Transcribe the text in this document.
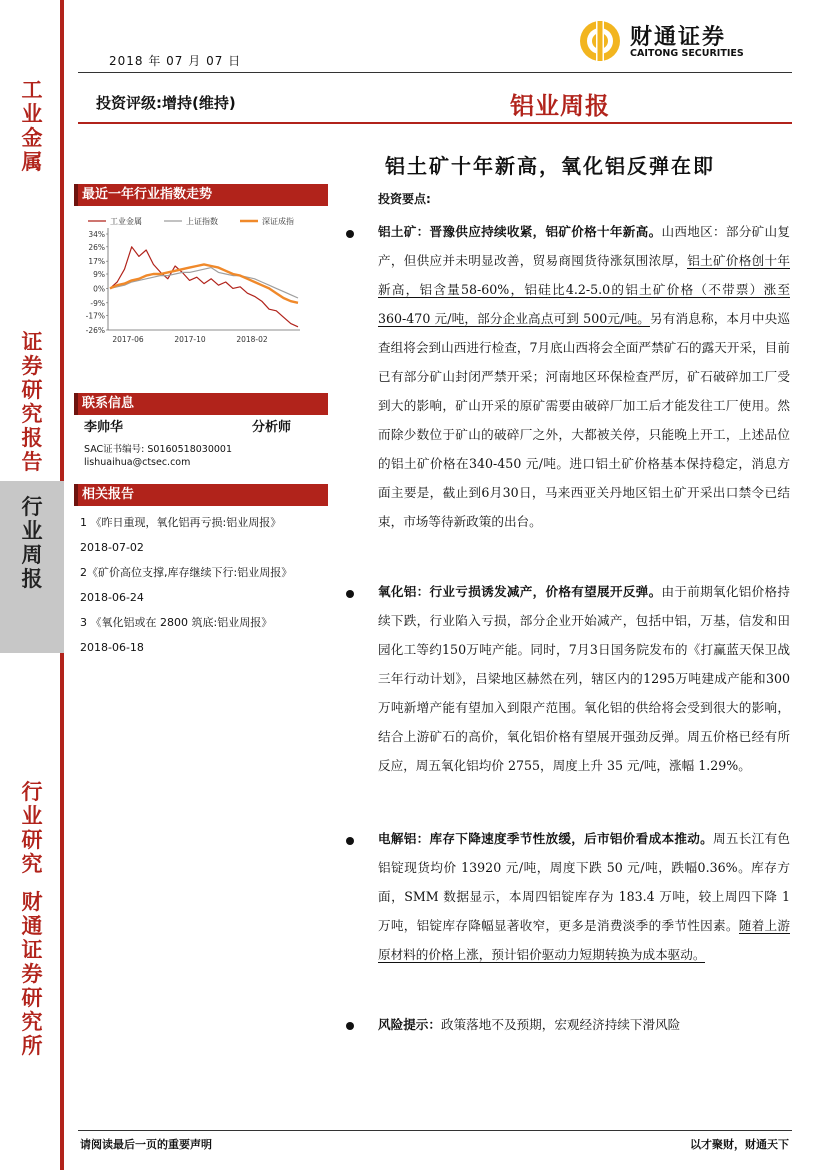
工业金属
证券研究报告
行业周报
行业研究
财通证券研究所
2018 年 07 月 07 日
财通证券
CAITONG SECURITIES
投资评级:增持(维持)	铝业周报
铝土矿十年新高，氧化铝反弹在即
最近一年行业指数走势
工业金属	上证指数	深证成指
34%
26%
17%
9%
0%
-9%
-17%
-26%
2017-06	2017-10	2018-02
联系信息
李帅华	分析师
SAC证书编号: S0160518030001
lishuaihua@ctsec.com
相关报告
1 《昨日重现，氧化铝再亏损:铝业周报》
2018-07-02
2《矿价高位支撑,库存继续下行:铝业周报》
2018-06-24
3 《氧化铝或在 2800 筑底:铝业周报》
2018-06-18
投资要点:
铝土矿：晋豫供应持续收紧，铝矿价格十年新高。山西地区：部分矿山复产，但供应并未明显改善，贸易商囤货待涨氛围浓厚，铝土矿价格创十年新高，铝含量58-60%，铝硅比4.2-5.0的铝土矿价格（不带票）涨至 360-470 元/吨，部分企业高点可到 500元/吨。另有消息称，本月中央巡查组将会到山西进行检查，7月底山西将会全面严禁矿石的露天开采，目前已有部分矿山封闭严禁开采；河南地区环保检查严厉，矿石破碎加工厂受到大的影响，矿山开采的原矿需要由破碎厂加工后才能发往工厂使用。然而除少数位于矿山的破碎厂之外，大都被关停，只能晚上开工，上述品位的铝土矿价格在340-450 元/吨。进口铝土矿价格基本保持稳定，消息方面主要是，截止到6月30日，马来西亚关丹地区铝土矿开采出口禁令已结束，市场等待新政策的出台。
氧化铝：行业亏损诱发减产，价格有望展开反弹。由于前期氧化铝价格持续下跌，行业陷入亏损，部分企业开始减产，包括中铝，万基，信发和田园化工等约150万吨产能。同时，7月3日国务院发布的《打赢蓝天保卫战三年行动计划》，吕梁地区赫然在列，辖区内的1295万吨建成产能和300万吨新增产能有望加入到限产范围。氧化铝的供给将会受到很大的影响，结合上游矿石的高价，氧化铝价格有望展开强劲反弹。周五价格已经有所反应，周五氧化铝均价 2755，周度上升 35 元/吨，涨幅 1.29%。
电解铝：库存下降速度季节性放缓，后市铝价看成本推动。周五长江有色铝锭现货均价 13920 元/吨，周度下跌 50 元/吨，跌幅0.36%。库存方面，SMM 数据显示，本周四铝锭库存为 183.4 万吨，较上周四下降 1 万吨，铝锭库存降幅显著收窄，更多是消费淡季的季节性因素。随着上游原材料的价格上涨，预计铝价驱动力短期转换为成本驱动。
风险提示：政策落地不及预期，宏观经济持续下滑风险
请阅读最后一页的重要声明	以才聚财，财通天下
